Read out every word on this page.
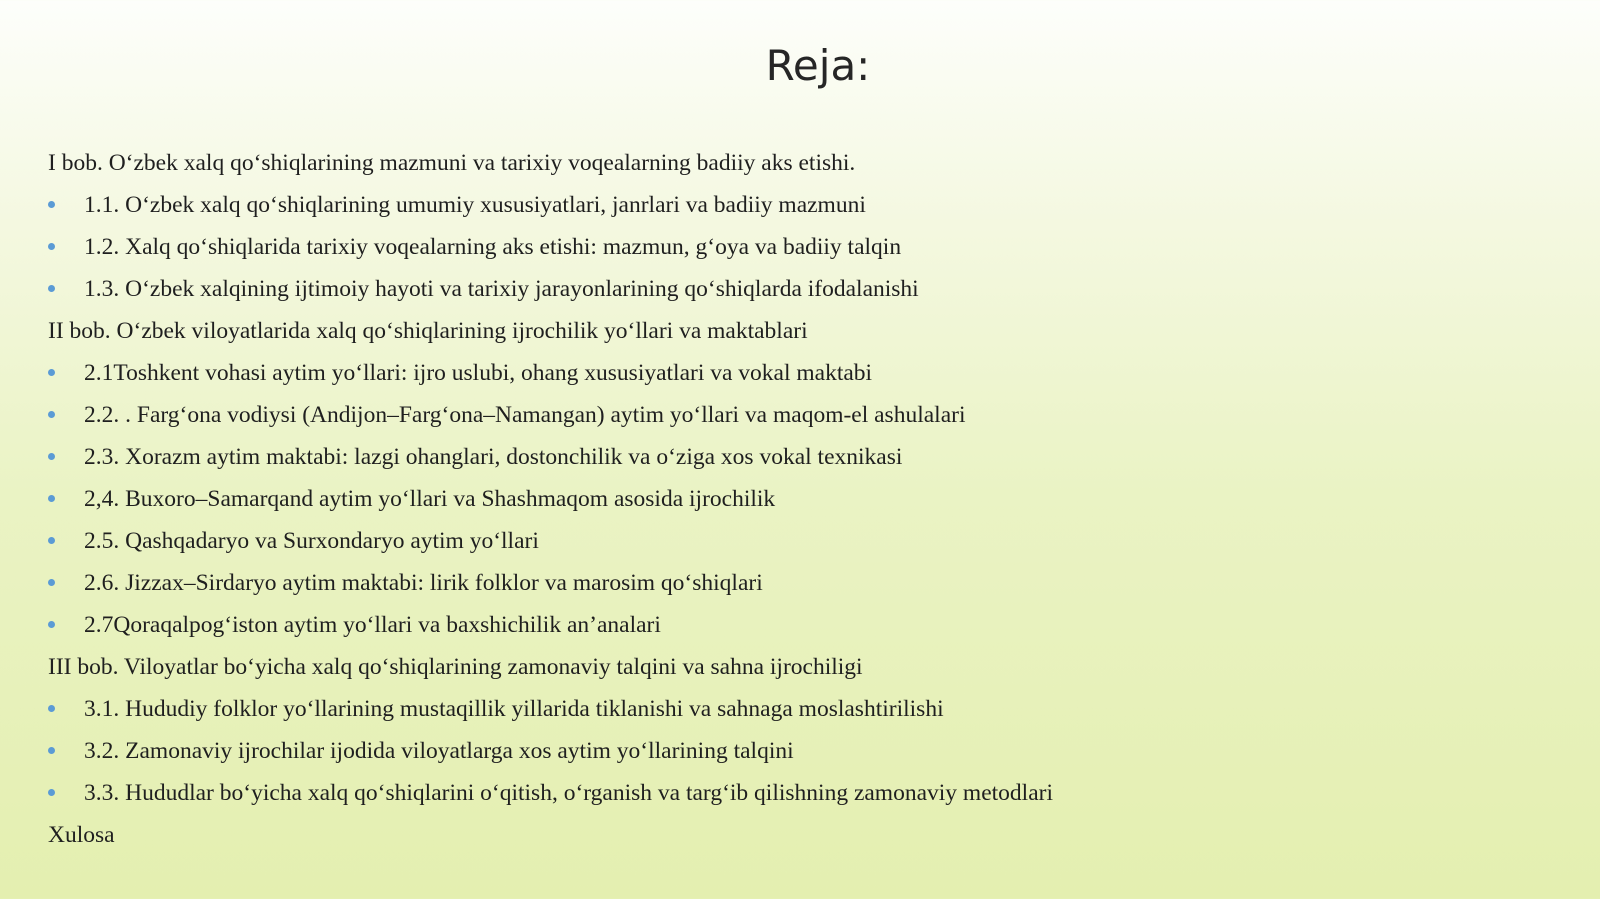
Reja:
I bob. O‘zbek xalq qo‘shiqlarining mazmuni va tarixiy voqealarning badiiy aks etishi.
1.1. O‘zbek xalq qo‘shiqlarining umumiy xususiyatlari, janrlari va badiiy mazmuni
1.2. Xalq qo‘shiqlarida tarixiy voqealarning aks etishi: mazmun, g‘oya va badiiy talqin
1.3. O‘zbek xalqining ijtimoiy hayoti va tarixiy jarayonlarining qo‘shiqlarda ifodalanishi
II bob. O‘zbek viloyatlarida xalq qo‘shiqlarining ijrochilik yo‘llari va maktablari
2.1Toshkent vohasi aytim yo‘llari: ijro uslubi, ohang xususiyatlari va vokal maktabi
2.2. . Farg‘ona vodiysi (Andijon–Farg‘ona–Namangan) aytim yo‘llari va maqom-el ashulalari
2.3. Xorazm aytim maktabi: lazgi ohanglari, dostonchilik va o‘ziga xos vokal texnikasi
2,4. Buxoro–Samarqand aytim yo‘llari va Shashmaqom asosida ijrochilik
2.5. Qashqadaryo va Surxondaryo aytim yo‘llari
2.6. Jizzax–Sirdaryo aytim maktabi: lirik folklor va marosim qo‘shiqlari
2.7Qoraqalpog‘iston aytim yo‘llari va baxshichilik an’analari
III bob. Viloyatlar bo‘yicha xalq qo‘shiqlarining zamonaviy talqini va sahna ijrochiligi
3.1. Hududiy folklor yo‘llarining mustaqillik yillarida tiklanishi va sahnaga moslashtirilishi
3.2. Zamonaviy ijrochilar ijodida viloyatlarga xos aytim yo‘llarining talqini
3.3. Hududlar bo‘yicha xalq qo‘shiqlarini o‘qitish, o‘rganish va targ‘ib qilishning zamonaviy metodlari
Xulosa
